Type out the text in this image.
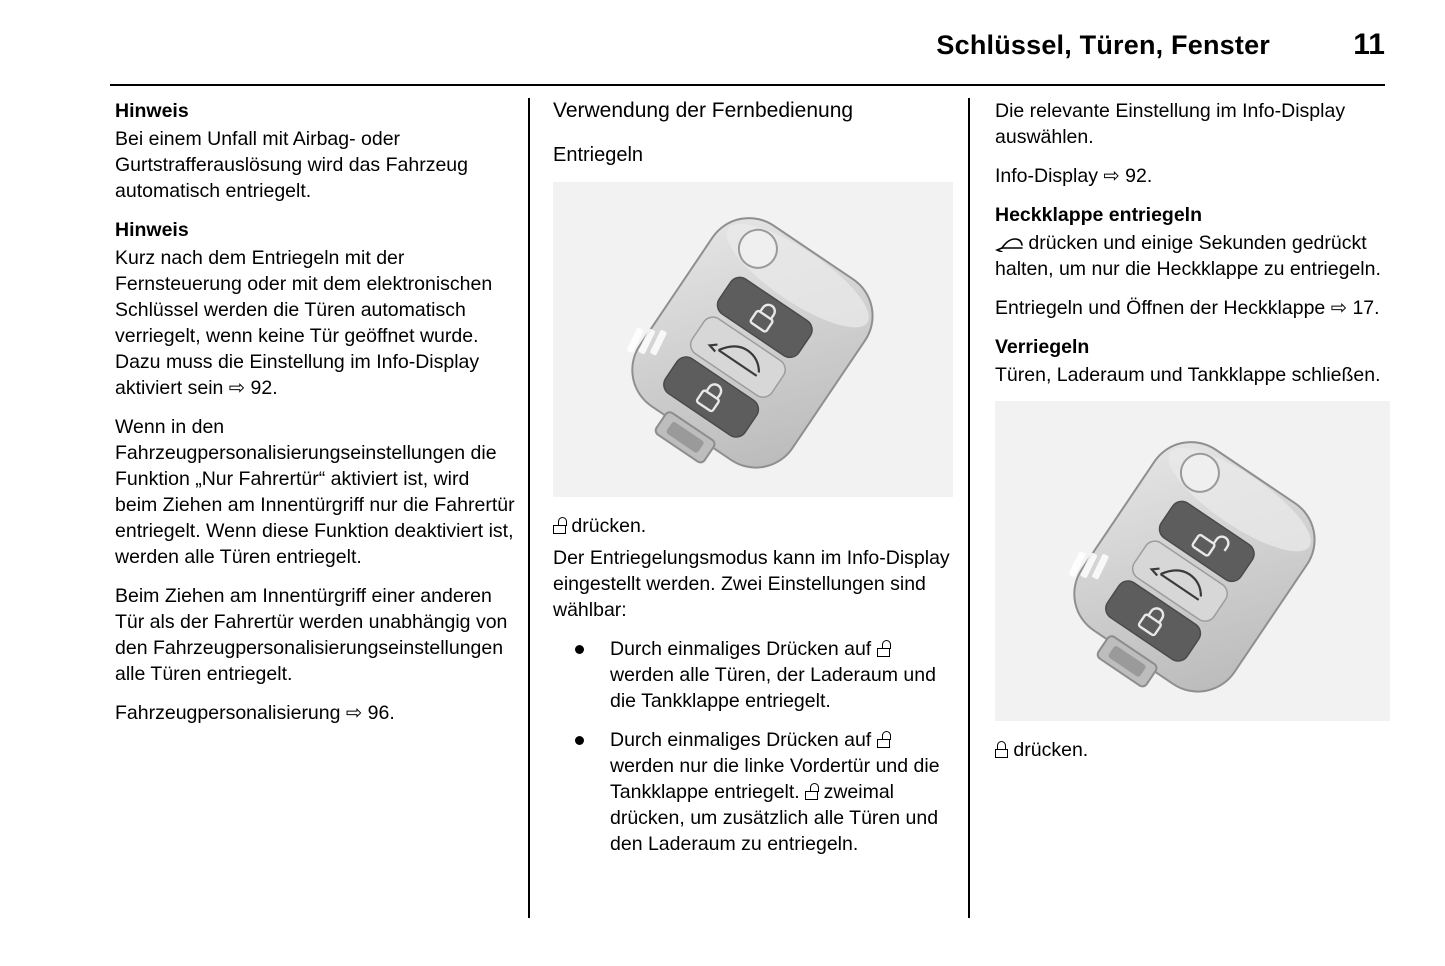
Schlüssel, Türen, Fenster	11

Hinweis

Bei einem Unfall mit Airbag- oder Gurtstrafferauslösung wird das Fahrzeug automatisch entriegelt.

Hinweis

Kurz nach dem Entriegeln mit der Fernsteuerung oder mit dem elektronischen Schlüssel werden die Türen automatisch verriegelt, wenn keine Tür geöffnet wurde. Dazu muss die Einstellung im Info-Display aktiviert sein ⇨ 92.

Wenn in den Fahrzeugpersonalisierungseinstellungen die Funktion „Nur Fahrertür“ aktiviert ist, wird beim Ziehen am Innentürgriff nur die Fahrertür entriegelt. Wenn diese Funktion deaktiviert ist, werden alle Türen entriegelt.

Beim Ziehen am Innentürgriff einer anderen Tür als der Fahrertür werden unabhängig von den Fahrzeugpersonalisierungseinstellungen alle Türen entriegelt.

Fahrzeugpersonalisierung ⇨ 96.

Verwendung der Fernbedienung

Entriegeln

drücken.

Der Entriegelungsmodus kann im Info-Display eingestellt werden. Zwei Einstellungen sind wählbar:

Durch einmaliges Drücken auf
werden alle Türen, der Laderaum und die Tankklappe entriegelt.
Durch einmaliges Drücken auf
werden nur die linke Vordertür und die Tankklappe entriegelt. zweimal drücken, um zusätzlich alle Türen und den Laderaum zu entriegeln.

Die relevante Einstellung im Info-Display auswählen.

Info-Display ⇨ 92.

Heckklappe entriegeln

drücken und einige Sekunden gedrückt halten, um nur die Heckklappe zu entriegeln.

Entriegeln und Öffnen der Heckklappe ⇨ 17.

Verriegeln

Türen, Laderaum und Tankklappe schließen.

drücken.
